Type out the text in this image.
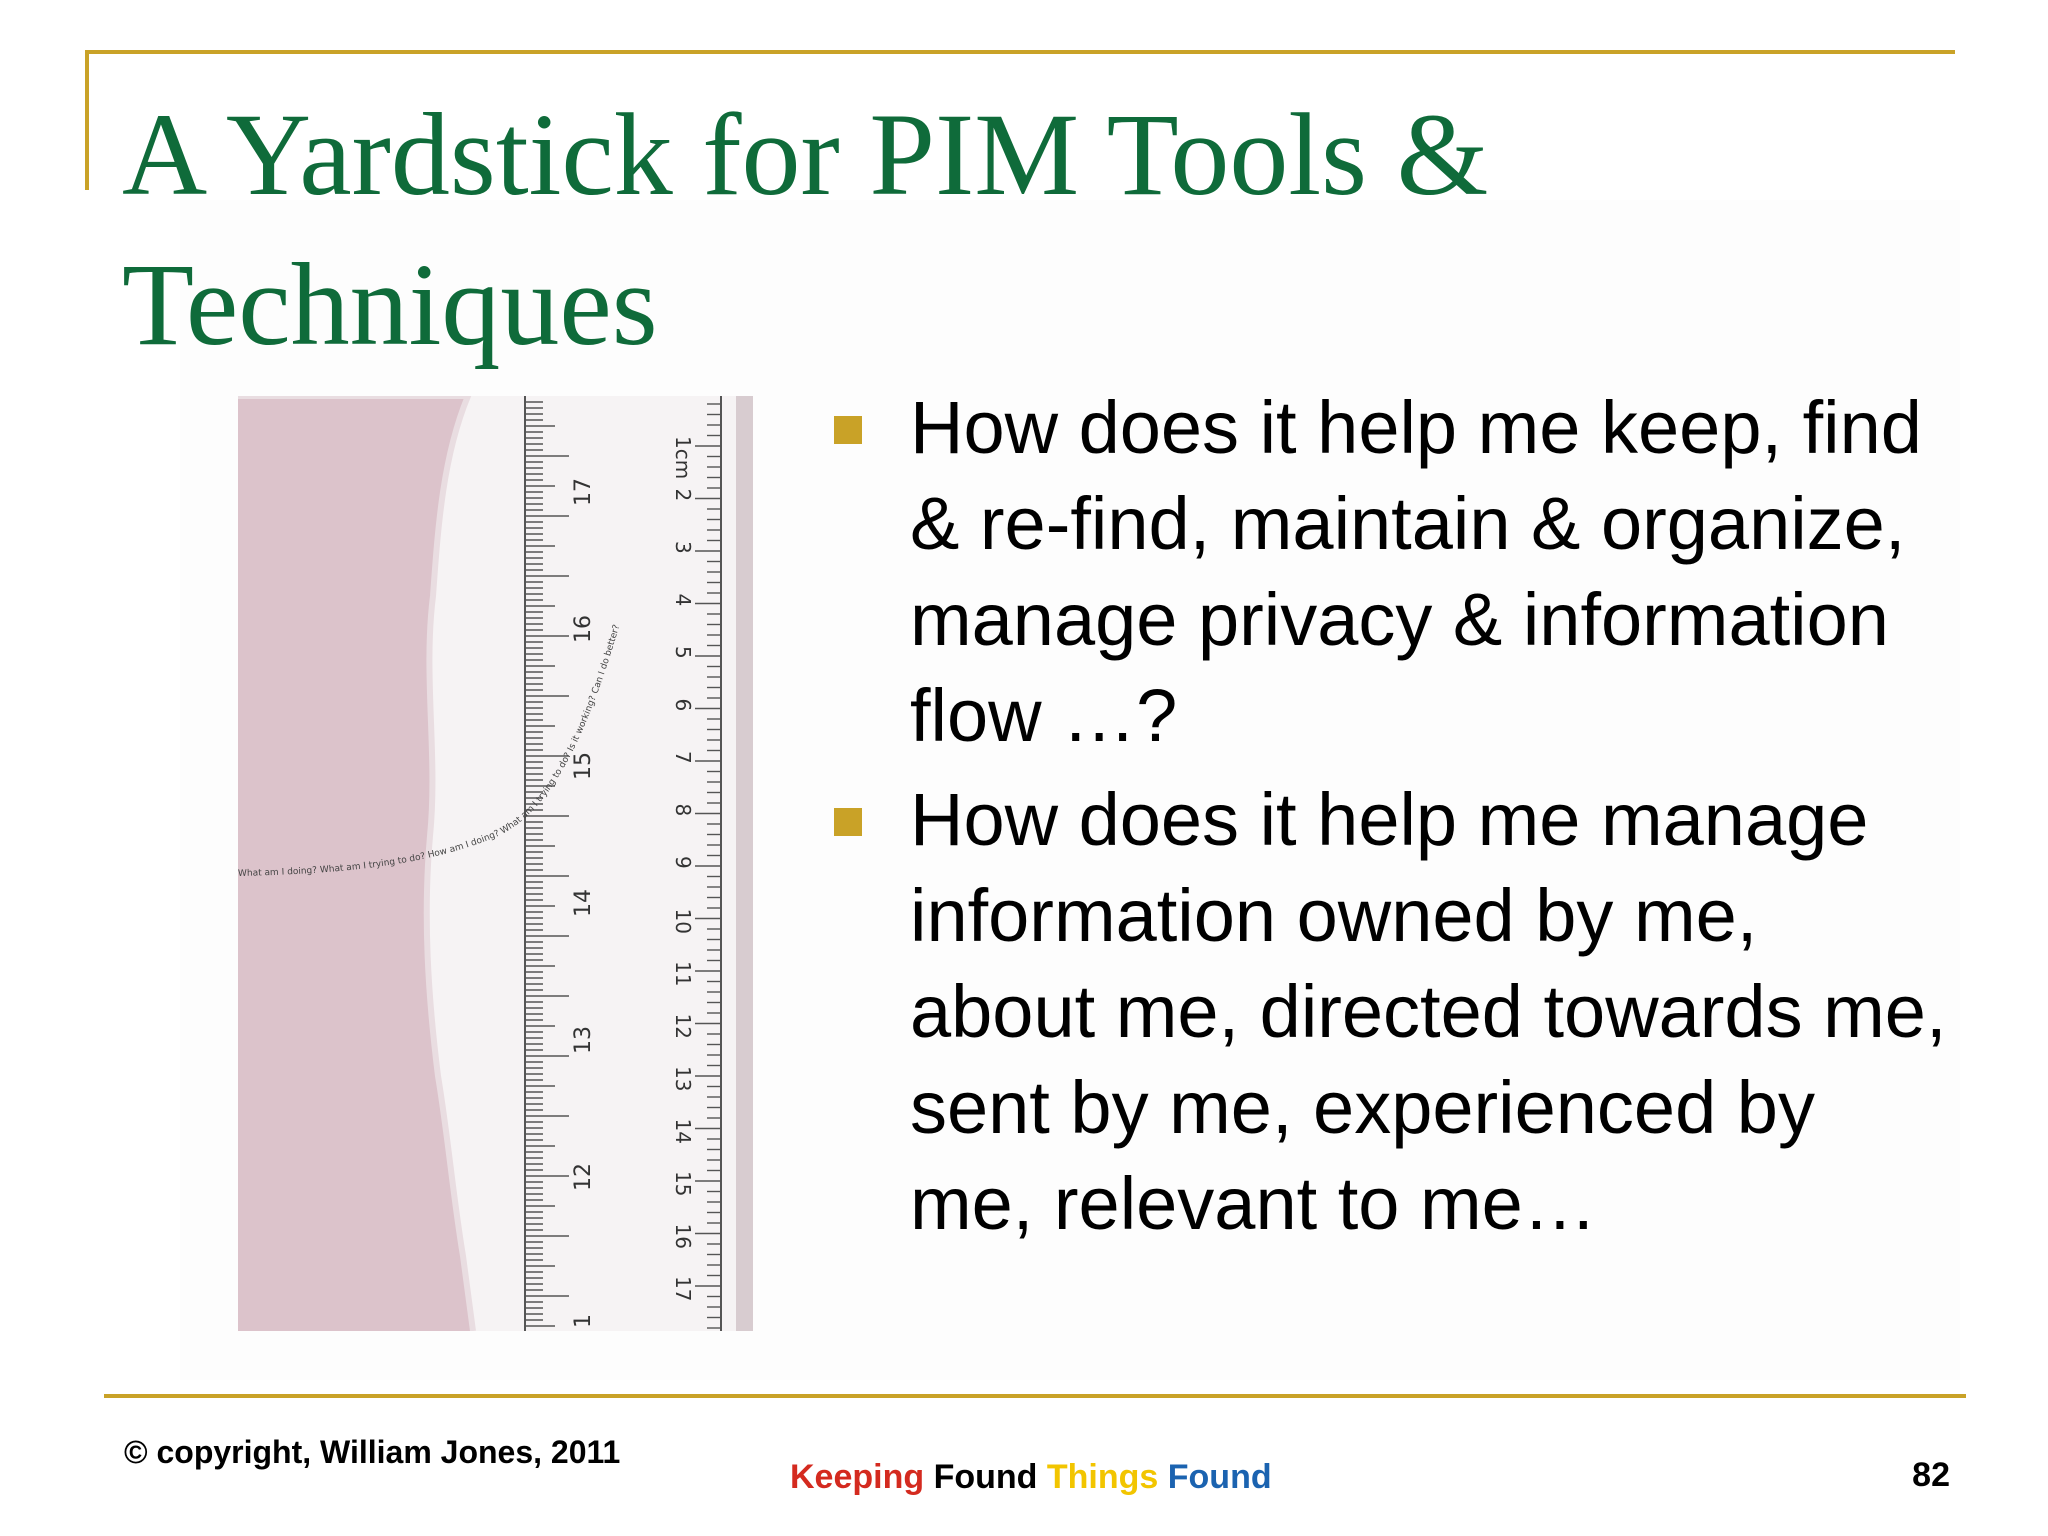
A Yardstick for PIM Tools & Techniques
17
16
15
14
13
12
1
1cm
2
3
4
5
6
7
8
9
10
11
12
13
14
15
16
17
What am I doing? What am I trying to do? How am I doing? What am I trying to do? Is it working? Can I do better?
How does it help me keep, find & re-find, maintain & organize, manage privacy & information flow …?
How does it help me manage information owned by me, about me, directed towards me, sent by me, experienced by me, relevant to me…
© copyright, William Jones, 2011
Keeping Found Things Found	82
